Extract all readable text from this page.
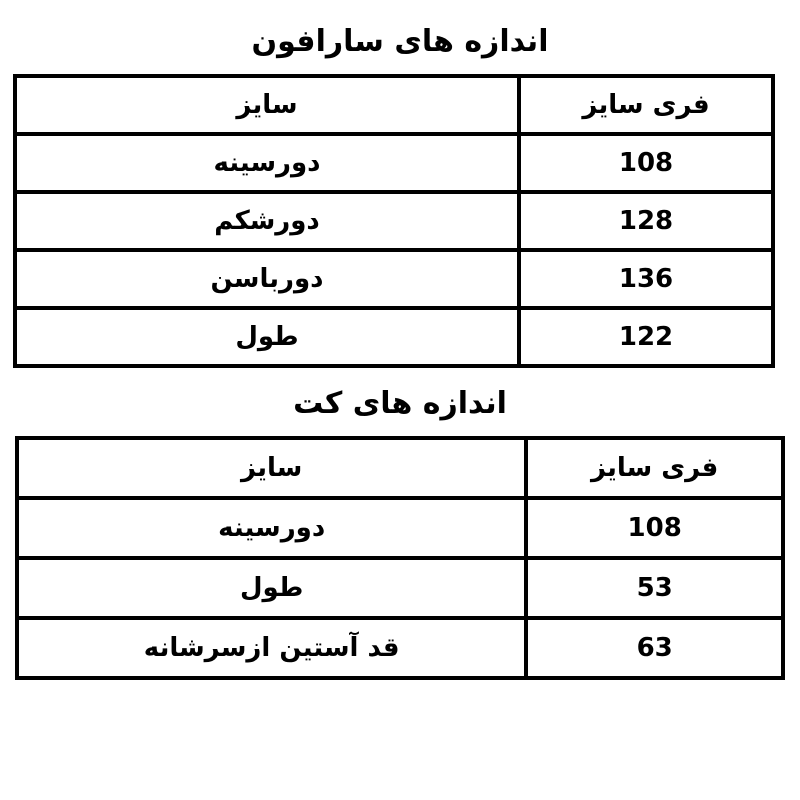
اندازه های سارافون
فری سایز	سایز
108	دورسینه
128	دورشکم
136	دورباسن
122	طول
اندازه های کت
فری سایز	سایز
108	دورسینه
53	طول
63	قد آستین ازسرشانه
